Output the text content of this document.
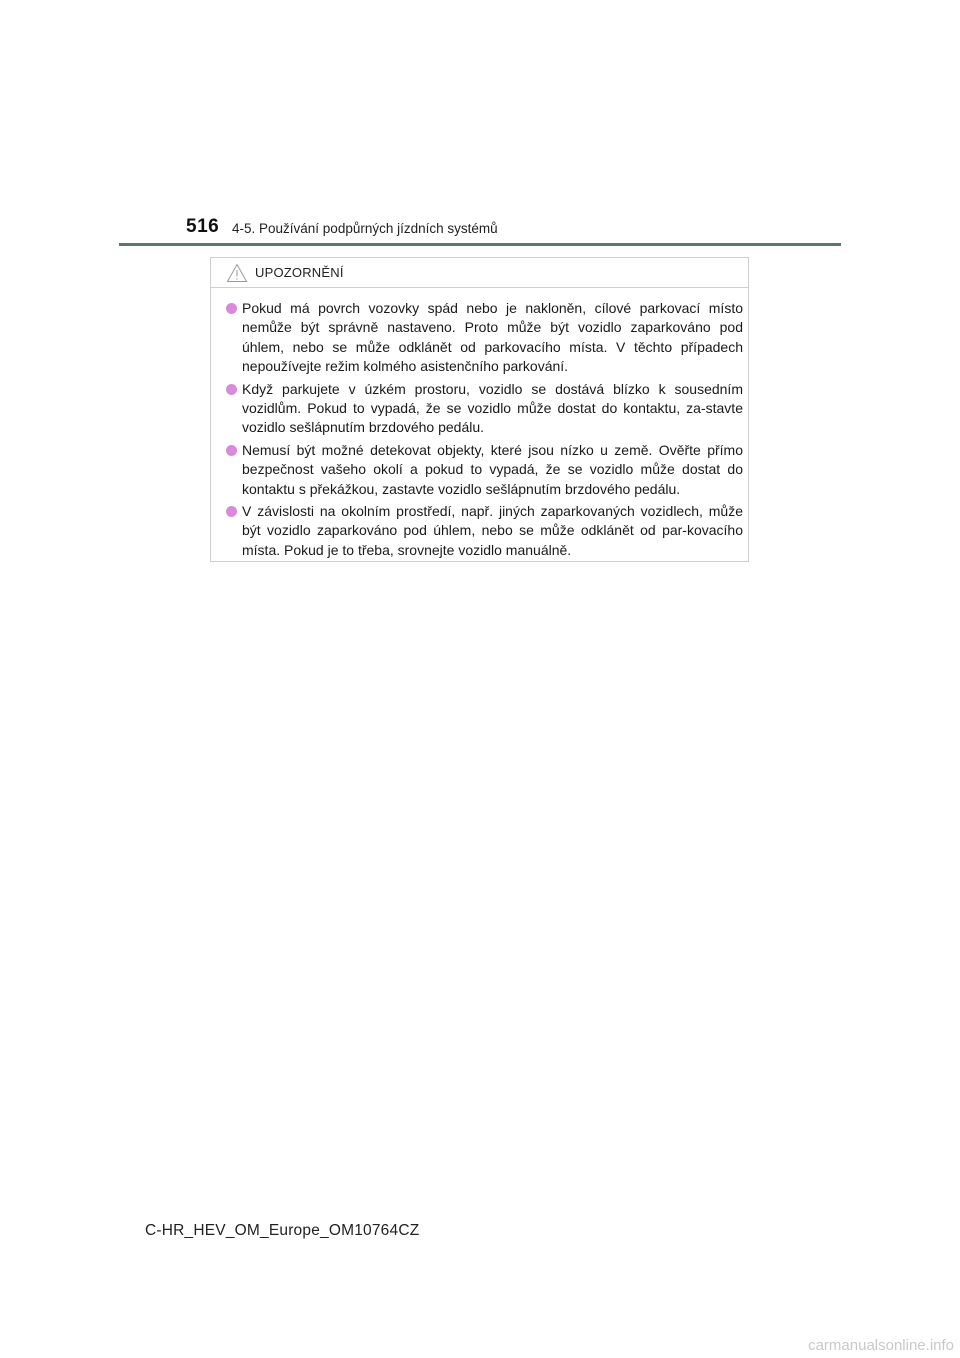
516 4-5. Používání podpůrných jízdních systémů
UPOZORNĚNÍ
Pokud má povrch vozovky spád nebo je nakloněn, cílové parkovací místo nemůže být správně nastaveno. Proto může být vozidlo zaparkováno pod úhlem, nebo se může odklánět od parkovacího místa. V těchto případech nepoužívejte režim kolmého asistenčního parkování.
Když parkujete v úzkém prostoru, vozidlo se dostává blízko k sousedním vozidlům. Pokud to vypadá, že se vozidlo může dostat do kontaktu, za-stavte vozidlo sešlápnutím brzdového pedálu.
Nemusí být možné detekovat objekty, které jsou nízko u země. Ověřte přímo bezpečnost vašeho okolí a pokud to vypadá, že se vozidlo může dostat do kontaktu s překážkou, zastavte vozidlo sešlápnutím brzdového pedálu.
V závislosti na okolním prostředí, např. jiných zaparkovaných vozidlech, může být vozidlo zaparkováno pod úhlem, nebo se může odklánět od par-kovacího místa. Pokud je to třeba, srovnejte vozidlo manuálně.
C-HR_HEV_OM_Europe_OM10764CZ
carmanualsonline.info
